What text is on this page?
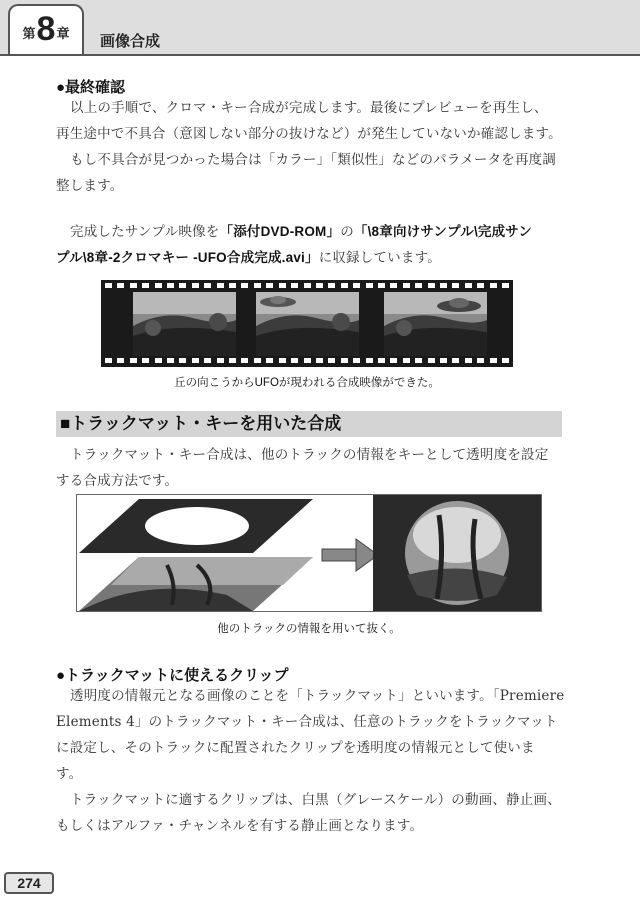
第 8 章 画像合成
●最終確認
以上の手順で、クロマ・キー合成が完成します。最後にプレビューを再生し、
再生途中で不具合（意図しない部分の抜けなど）が発生していないか確認します。
もし不具合が見つかった場合は「カラー」「類似性」などのパラメータを再度調
整します。
完成したサンプル映像を「添付DVD-ROM」の「\8章向けサンプル\完成サン
プル\8章-2クロマキー -UFO合成完成.avi」に収録しています。
丘の向こうからUFOが現われる合成映像ができた。
■トラックマット・キーを用いた合成
トラックマット・キー合成は、他のトラックの情報をキーとして透明度を設定
する合成方法です。
他のトラックの情報を用いて抜く。
●トラックマットに使えるクリップ
透明度の情報元となる画像のことを「トラックマット」といいます。「Premiere
Elements 4」のトラックマット・キー合成は、任意のトラックをトラックマット
に設定し、そのトラックに配置されたクリップを透明度の情報元として使いま
す。
トラックマットに適するクリップは、白黒（グレースケール）の動画、静止画、
もしくはアルファ・チャンネルを有する静止画となります。
274
